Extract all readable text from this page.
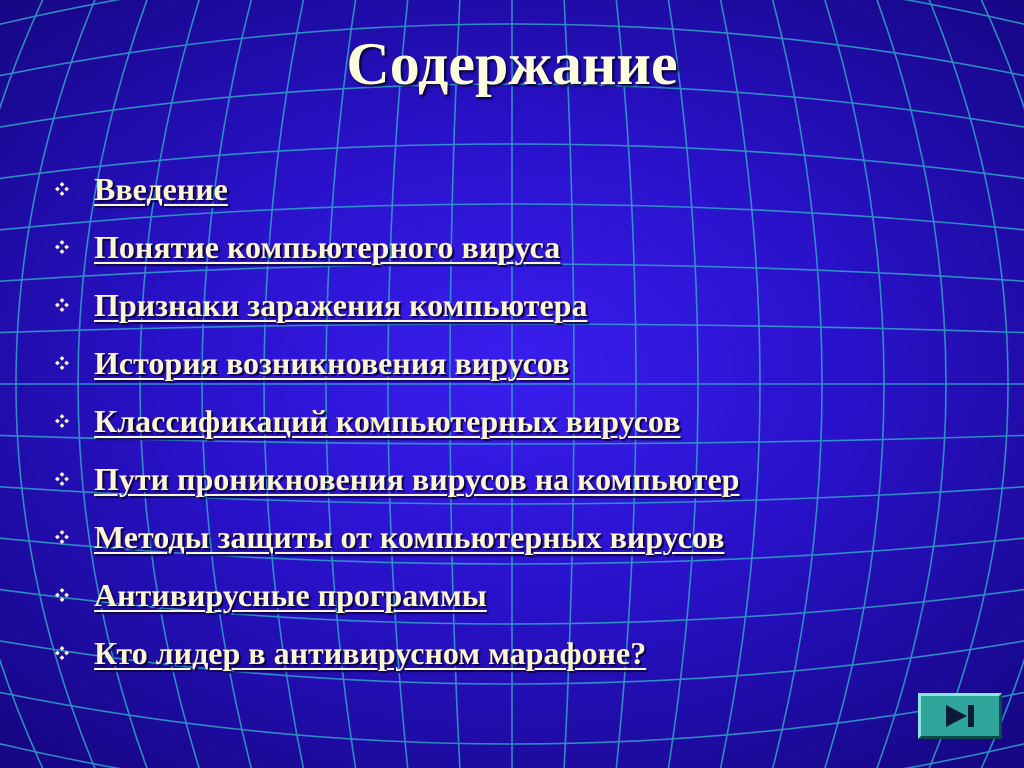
Содержание
Введение
Понятие компьютерного вируса
Признаки заражения компьютера
История возникновения вирусов
Классификаций компьютерных вирусов
Пути проникновения вирусов на компьютер
Методы защиты от компьютерных вирусов
Антивирусные программы
Кто лидер в антивирусном марафоне?
